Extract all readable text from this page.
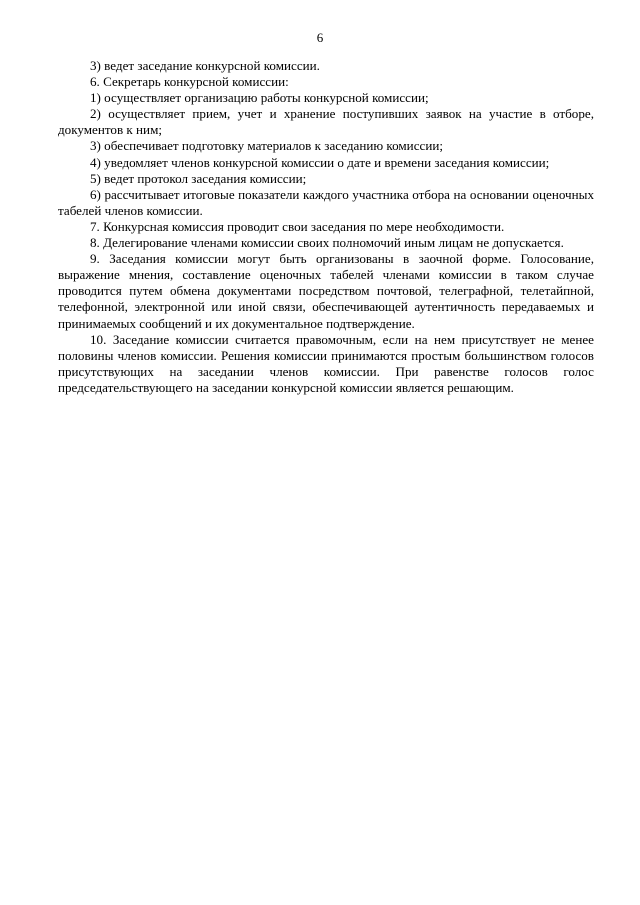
6

3) ведет заседание конкурсной комиссии.

6. Секретарь конкурсной комиссии:

1) осуществляет организацию работы конкурсной комиссии;

2) осуществляет прием, учет и хранение поступивших заявок на участие в отборе, документов к ним;

3) обеспечивает подготовку материалов к заседанию комиссии;

4) уведомляет членов конкурсной комиссии о дате и времени заседания комиссии;

5) ведет протокол заседания комиссии;

6) рассчитывает итоговые показатели каждого участника отбора на основании оценочных табелей членов комиссии.

7. Конкурсная комиссия проводит свои заседания по мере необходимости.

8. Делегирование членами комиссии своих полномочий иным лицам не допускается.

9. Заседания комиссии могут быть организованы в заочной форме. Голосование, выражение мнения, составление оценочных табелей членами комиссии в таком случае проводится путем обмена документами посредством почтовой, телеграфной, телетайпной, телефонной, электронной или иной связи, обеспечивающей аутентичность передаваемых и принимаемых сообщений и их документальное подтверждение.

10. Заседание комиссии считается правомочным, если на нем присутствует не менее половины членов комиссии. Решения комиссии принимаются простым большинством голосов присутствующих на заседании членов комиссии. При равенстве голосов голос председательствующего на заседании конкурсной комиссии является решающим.
